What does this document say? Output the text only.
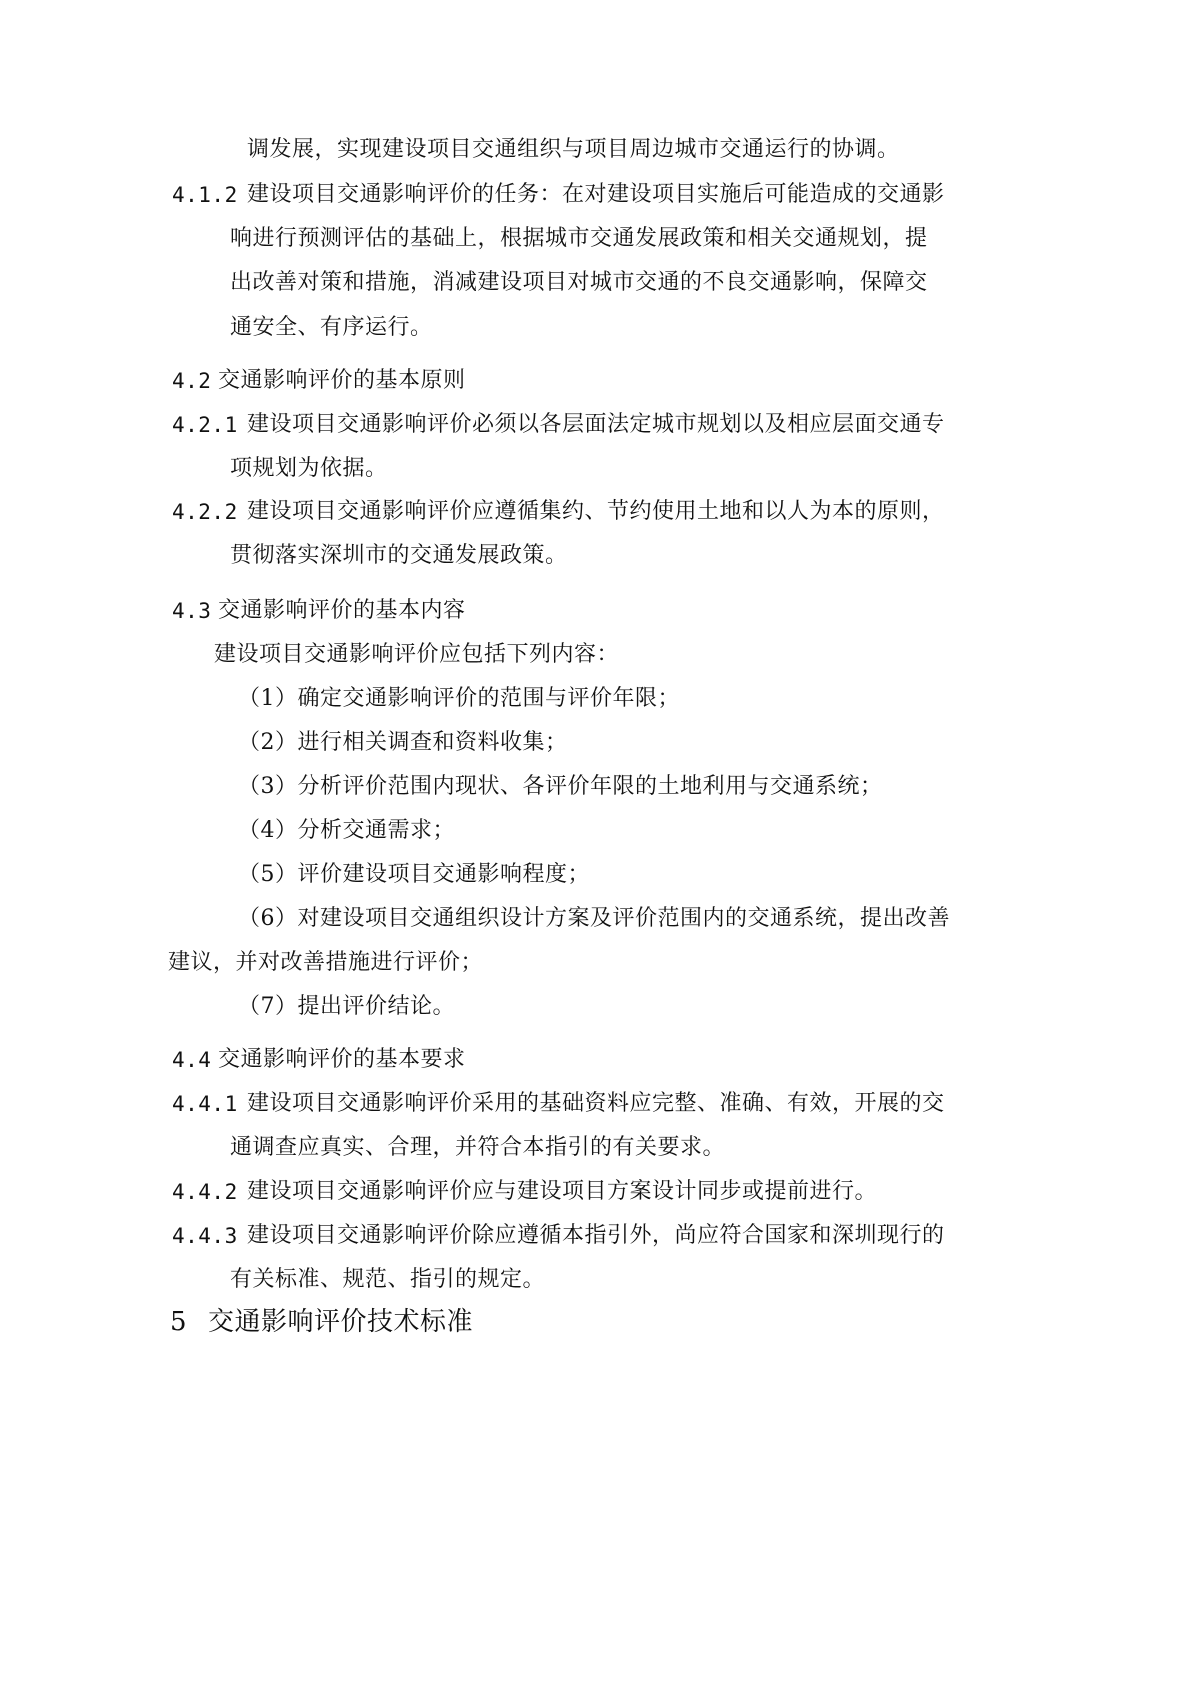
调发展，实现建设项目交通组织与项目周边城市交通运行的协调。
4.1.2 建设项目交通影响评价的任务：在对建设项目实施后可能造成的交通影
响进行预测评估的基础上，根据城市交通发展政策和相关交通规划，提
出改善对策和措施，消减建设项目对城市交通的不良交通影响，保障交
通安全、有序运行。
4.2 交通影响评价的基本原则
4.2.1 建设项目交通影响评价必须以各层面法定城市规划以及相应层面交通专
项规划为依据。
4.2.2 建设项目交通影响评价应遵循集约、节约使用土地和以人为本的原则，
贯彻落实深圳市的交通发展政策。
4.3 交通影响评价的基本内容
建设项目交通影响评价应包括下列内容：
（1）确定交通影响评价的范围与评价年限；
（2）进行相关调查和资料收集；
（3）分析评价范围内现状、各评价年限的土地利用与交通系统；
（4）分析交通需求；
（5）评价建设项目交通影响程度；
（6）对建设项目交通组织设计方案及评价范围内的交通系统，提出改善
建议，并对改善措施进行评价；
（7）提出评价结论。
4.4 交通影响评价的基本要求
4.4.1 建设项目交通影响评价采用的基础资料应完整、准确、有效，开展的交
通调查应真实、合理，并符合本指引的有关要求。
4.4.2 建设项目交通影响评价应与建设项目方案设计同步或提前进行。
4.4.3 建设项目交通影响评价除应遵循本指引外，尚应符合国家和深圳现行的
有关标准、规范、指引的规定。
5 交通影响评价技术标准
